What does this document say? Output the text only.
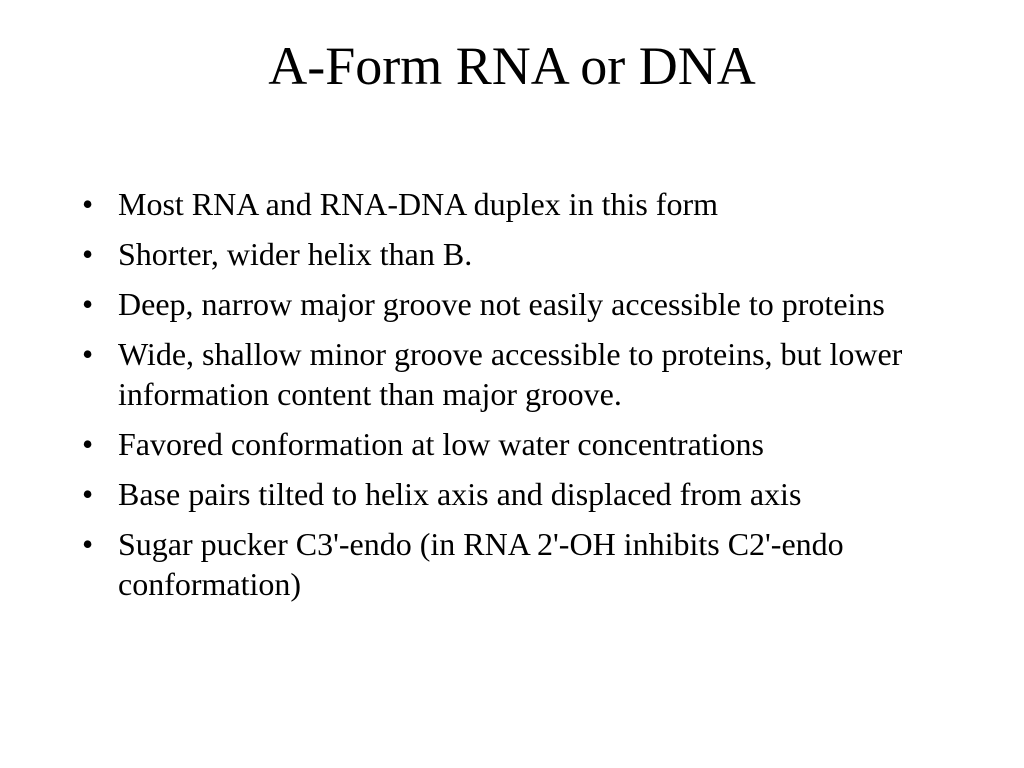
A-Form RNA or DNA
• Most RNA and RNA-DNA duplex in this form
• Shorter, wider helix than B.
• Deep, narrow major groove not easily accessible to proteins
• Wide, shallow minor groove accessible to proteins, but lower information content than major groove.
• Favored conformation at low water concentrations
• Base pairs tilted to helix axis and displaced from axis
• Sugar pucker C3'-endo (in RNA 2'-OH inhibits C2'-endo conformation)
